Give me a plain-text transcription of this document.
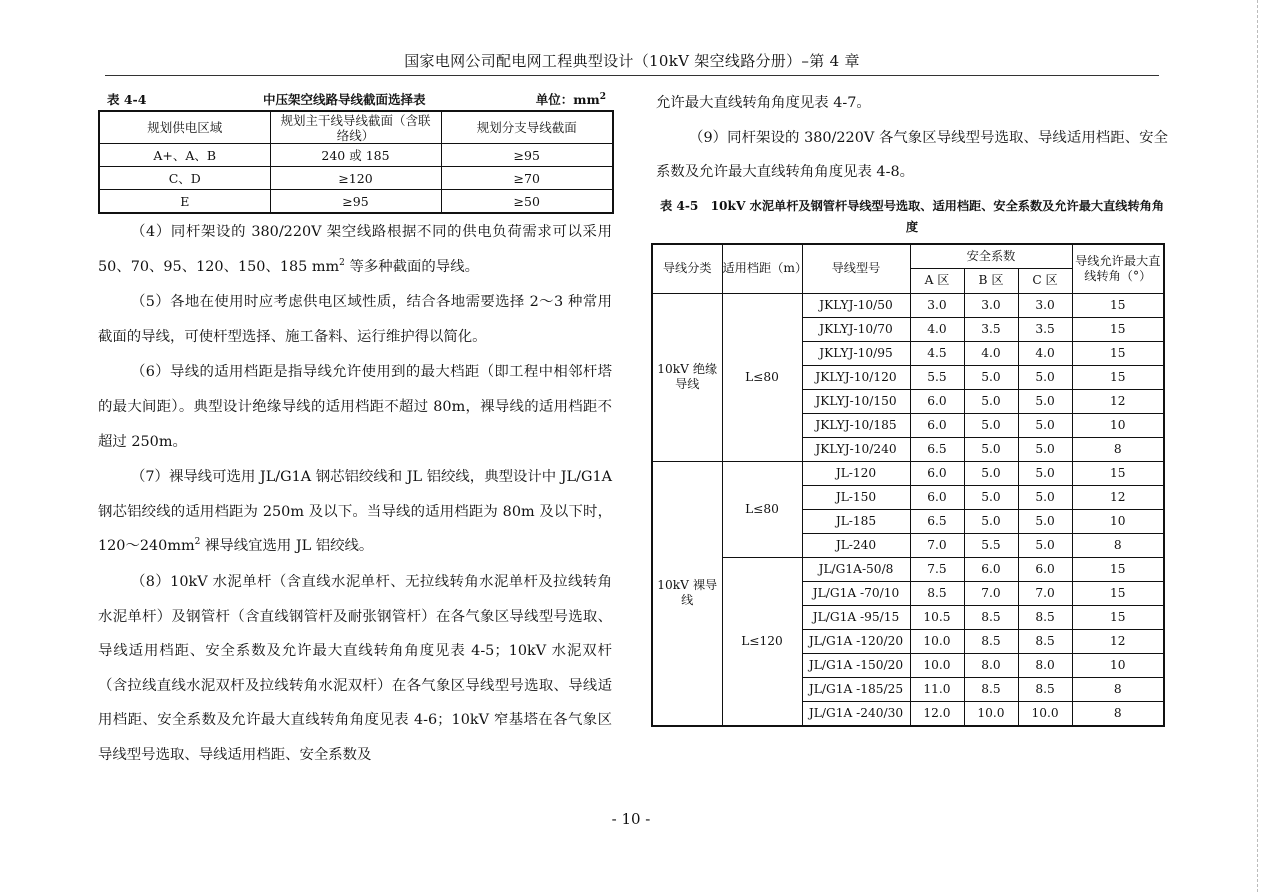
国家电网公司配电网工程典型设计（10kV 架空线路分册）–第 4 章
表 4-4	中压架空线路导线截面选择表	单位：$mm^2$
规划供电区域	规划主干线导线截面（含联络线）	规划分支导线截面
A+、A、B	240 或 185	≥95
C、D	≥120	≥70
E	≥95	≥50

（4）同杆架设的 380/220V 架空线路根据不同的供电负荷需求可以采用 50、70、95、120、150、185 $mm^2$ 等多种截面的导线。

（5）各地在使用时应考虑供电区域性质，结合各地需要选择 2～3 种常用截面的导线，可使杆型选择、施工备料、运行维护得以简化。

（6）导线的适用档距是指导线允许使用到的最大档距（即工程中相邻杆塔的最大间距）。典型设计绝缘导线的适用档距不超过 80m，裸导线的适用档距不超过 250m。

（7）裸导线可选用 JL/G1A 钢芯铝绞线和 JL 铝绞线，典型设计中 JL/G1A 钢芯铝绞线的适用档距为 250m 及以下。当导线的适用档距为 80m 及以下时，$120\sim 240mm^2$ 裸导线宜选用 JL 铝绞线。

（8）10kV 水泥单杆（含直线水泥单杆、无拉线转角水泥单杆及拉线转角水泥单杆）及钢管杆（含直线钢管杆及耐张钢管杆）在各气象区导线型号选取、导线适用档距、安全系数及允许最大直线转角角度见表 4-5；10kV 水泥双杆（含拉线直线水泥双杆及拉线转角水泥双杆）在各气象区导线型号选取、导线适用档距、安全系数及允许最大直线转角角度见表 4-6；10kV 窄基塔在各气象区导线型号选取、导线适用档距、安全系数及

允许最大直线转角角度见表 4-7。

（9）同杆架设的 380/220V 各气象区导线型号选取、导线适用档距、安全系数及允许最大直线转角角度见表 4-8。

表 4-5　10kV 水泥单杆及钢管杆导线型号选取、适用档距、安全系数及允许最大直线转角角度
导线分类	适用档距（m）	导线型号	安全系数			导线允许最大直线转角（°）
			A 区	B 区	C 区	
10kV 绝缘导线	L≤80	JKLYJ-10/50	3.0	3.0	3.0	15
		JKLYJ-10/70	4.0	3.5	3.5	15
		JKLYJ-10/95	4.5	4.0	4.0	15
		JKLYJ-10/120	5.5	5.0	5.0	15
		JKLYJ-10/150	6.0	5.0	5.0	12
		JKLYJ-10/185	6.0	5.0	5.0	10
		JKLYJ-10/240	6.5	5.0	5.0	8
10kV 裸导线	L≤80	JL-120	6.0	5.0	5.0	15
		JL-150	6.0	5.0	5.0	12
		JL-185	6.5	5.0	5.0	10
		JL-240	7.0	5.5	5.0	8
	L≤120	JL/G1A-50/8	7.5	6.0	6.0	15
		JL/G1A -70/10	8.5	7.0	7.0	15
		JL/G1A -95/15	10.5	8.5	8.5	15
		JL/G1A -120/20	10.0	8.5	8.5	12
		JL/G1A -150/20	10.0	8.0	8.0	10
		JL/G1A -185/25	11.0	8.5	8.5	8
		JL/G1A -240/30	12.0	10.0	10.0	8
- 10 -
